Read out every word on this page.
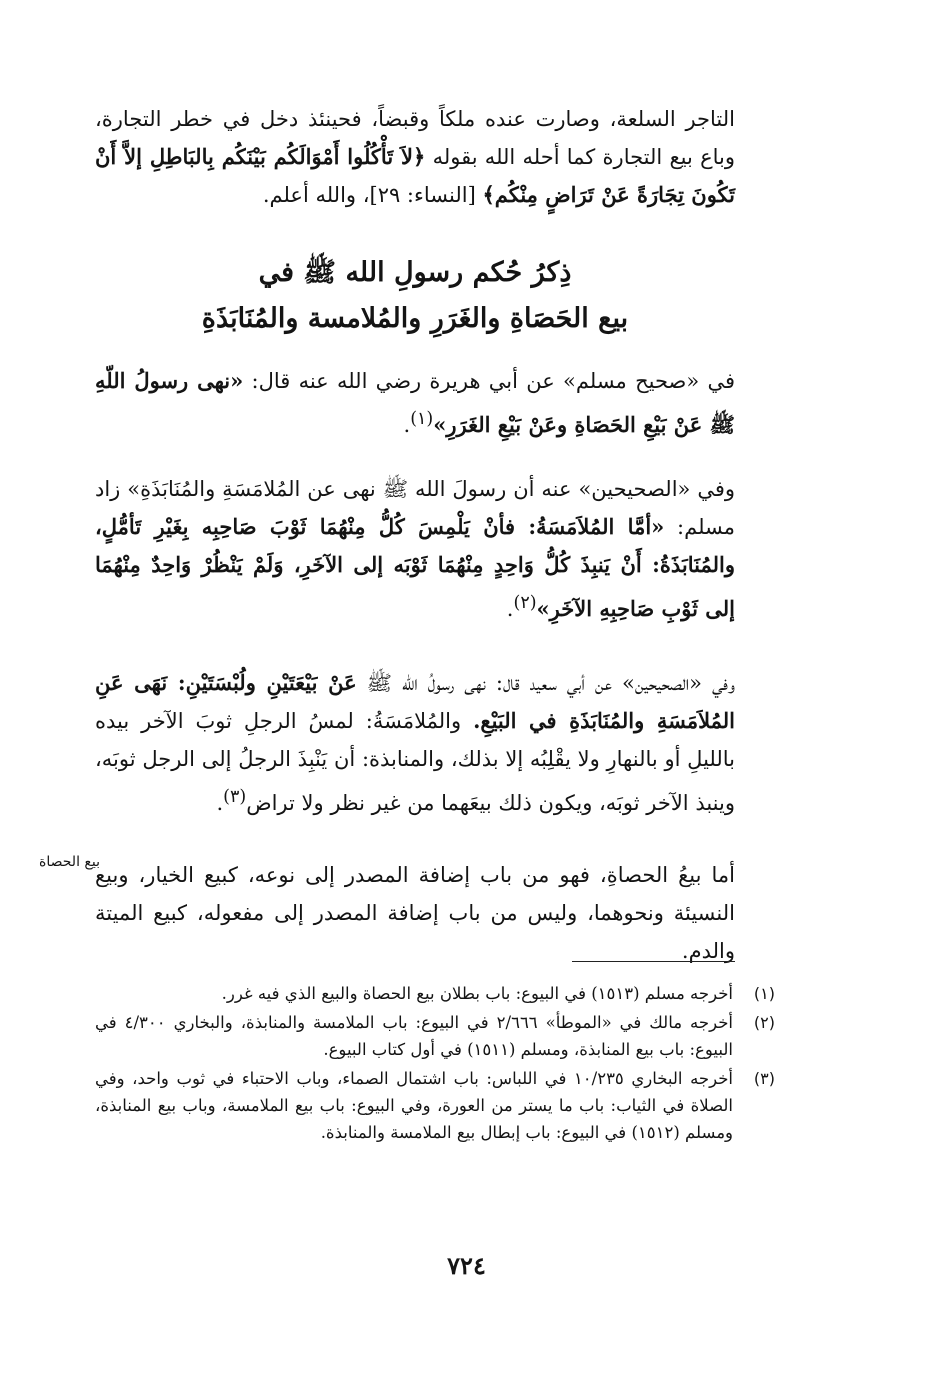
التاجر السلعة، وصارت عنده ملكاً وقبضاً، فحينئذ دخل في خطر التجارة، وباع بيع التجارة كما أحله الله بقوله ﴿لاَ تَأْكُلُوا أَمْوَالَكُم بَيْنَكُم بِالبَاطِلِ إلاَّ أَنْ تَكُونَ تِجَارَةً عَنْ تَرَاضٍ مِنْكُم﴾ [النساء: ٢٩]، والله أعلم.

ذِكرُ حُكم رسولِ الله ﷺ في
بيع الحَصَاةِ والغَرَرِ والمُلامسة والمُنَابَذَةِ

في «صحيح مسلم» عن أبي هريرة رضي الله عنه قال: «نهى رسولُ اللّهِ ﷺ عَنْ بَيْعِ الحَصَاةِ وعَنْ بَيْعِ الغَرَرِ»$^{(١)}$.

وفي «الصحيحين» عنه أن رسولَ الله ﷺ نهى عن المُلامَسَةِ والمُنَابَذَةِ» زاد مسلم: «أمَّا المُلاَمَسَةُ: فأنْ يَلْمِسَ كُلُّ مِنْهُمَا ثَوْبَ صَاحِبِه بِغَيْرِ تَأمُّلٍ، والمُنَابَذَةُ: أَنْ يَنبِذَ كُلُّ وَاحِدٍ مِنْهُمَا ثَوْبَه إلى الآخَرِ، وَلَمْ يَنْظُرْ وَاحِدٌ مِنْهُمَا إلى ثَوْبِ صَاحِبِهِ الآخَرِ»$^{(٢)}$.

وفي «الصحيحين» عن أبي سعيد قال: نهى رسولُ الله ﷺ عَنْ بَيْعَتَيْنِ ولُبْسَتَيْنِ: نَهَى عَنِ المُلاَمَسَةِ والمُنَابَذَةِ في البَيْعِ. والمُلامَسَةُ: لمسُ الرجلِ ثوبَ الآخر بيده بالليلِ أو بالنهارِ ولا يقْلِبُه إلا بذلك، والمنابذة: أن يَنْبِذَ الرجلُ إلى الرجل ثوبَه، وينبذ الآخر ثوبَه، ويكون ذلك بيعَهما من غير نظر ولا تراض$^{(٣)}$.

بيع الحصاة

أما بيعُ الحصاةِ، فهو من باب إضافة المصدر إلى نوعه، كبيع الخيار، وبيع النسيئة ونحوهما، وليس من باب إضافة المصدر إلى مفعوله، كبيع الميتة والدم.

(١)
أخرجه مسلم (١٥١٣) في البيوع: باب بطلان بيع الحصاة والبيع الذي فيه غرر.
(٢)
أخرجه مالك في «الموطأ» ٢/٦٦٦ في البيوع: باب الملامسة والمنابذة، والبخاري ٤/٣٠٠ في البيوع: باب بيع المنابذة، ومسلم (١٥١١) في أول كتاب البيوع.
(٣)
أخرجه البخاري ١٠/٢٣٥ في اللباس: باب اشتمال الصماء، وباب الاحتباء في ثوب واحد، وفي الصلاة في الثياب: باب ما يستر من العورة، وفي البيوع: باب بيع الملامسة، وباب بيع المنابذة، ومسلم (١٥١٢) في البيوع: باب إبطال بيع الملامسة والمنابذة.
٧٢٤
